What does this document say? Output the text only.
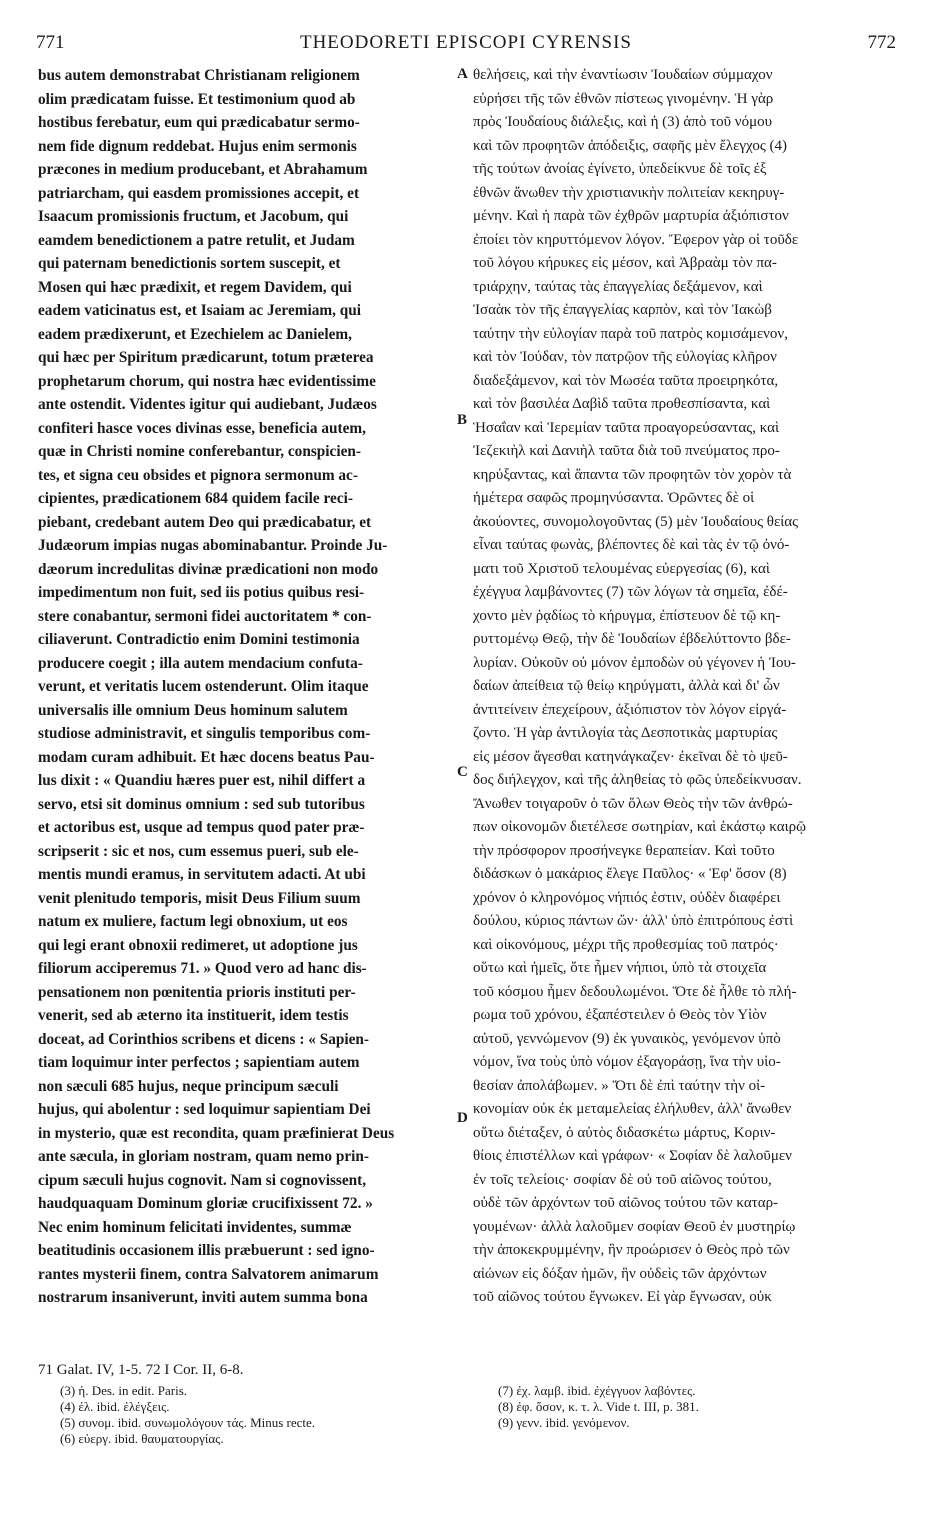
771	THEODORETI EPISCOPI CYRENSIS	772
bus autem demonstrabat Christianam religionem
olim prædicatam fuisse. Et testimonium quod ab
hostibus ferebatur, eum qui prædicabatur sermo-
nem fide dignum reddebat. Hujus enim sermonis
præcones in medium producebant, et Abrahamum
patriarcham, qui easdem promissiones accepit, et
Isaacum promissionis fructum, et Jacobum, qui
eamdem benedictionem a patre retulit, et Judam
qui paternam benedictionis sortem suscepit, et
Mosen qui hæc prædixit, et regem Davidem, qui
eadem vaticinatus est, et Isaiam ac Jeremiam, qui
eadem prædixerunt, et Ezechielem ac Danielem,
qui hæc per Spiritum prædicarunt, totum præterea
prophetarum chorum, qui nostra hæc evidentissime
ante ostendit. Videntes igitur qui audiebant, Judæos
confiteri hasce voces divinas esse, beneficia autem,
quæ in Christi nomine conferebantur, conspicien-
tes, et signa ceu obsides et pignora sermonum ac-
cipientes, prædicationem 684 quidem facile reci-
piebant, credebant autem Deo qui prædicabatur, et
Judæorum impias nugas abominabantur. Proinde Ju-
dæorum incredulitas divinæ prædicationi non modo
impedimentum non fuit, sed iis potius quibus resi-
stere conabantur, sermoni fidei auctoritatem * con-
ciliaverunt. Contradictio enim Domini testimonia
producere coegit ; illa autem mendacium confuta-
verunt, et veritatis lucem ostenderunt. Olim itaque
universalis ille omnium Deus hominum salutem
studiose administravit, et singulis temporibus com-
modam curam adhibuit. Et hæc docens beatus Pau-
lus dixit : « Quandiu hæres puer est, nihil differt a
servo, etsi sit dominus omnium : sed sub tutoribus
et actoribus est, usque ad tempus quod pater præ-
scripserit : sic et nos, cum essemus pueri, sub ele-
mentis mundi eramus, in servitutem adacti. At ubi
venit plenitudo temporis, misit Deus Filium suum
natum ex muliere, factum legi obnoxium, ut eos
qui legi erant obnoxii redimeret, ut adoptione jus
filiorum acciperemus 71. » Quod vero ad hanc dis-
pensationem non pœnitentia prioris instituti per-
venerit, sed ab æterno ita instituerit, idem testis
doceat, ad Corinthios scribens et dicens : « Sapien-
tiam loquimur inter perfectos ; sapientiam autem
non sæculi 685 hujus, neque principum sæculi
hujus, qui abolentur : sed loquimur sapientiam Dei
in mysterio, quæ est recondita, quam præfinierat Deus
ante sæcula, in gloriam nostram, quam nemo prin-
cipum sæculi hujus cognovit. Nam si cognovissent,
haudquaquam Dominum gloriæ crucifixissent 72. »
Nec enim hominum felicitati invidentes, summæ
beatitudinis occasionem illis præbuerunt : sed igno-
rantes mysterii finem, contra Salvatorem animarum
nostrarum insaniverunt, inviti autem summa bona
θελήσεις, καὶ τὴν ἐναντίωσιν Ἰουδαίων σύμμαχον
εὑρήσει τῆς τῶν ἐθνῶν πίστεως γινομένην. Ἡ γὰρ
πρὸς Ἰουδαίους διάλεξις, καὶ ἡ (3) ἀπὸ τοῦ νόμου
καὶ τῶν προφητῶν ἀπόδειξις, σαφῆς μὲν ἔλεγχος (4)
τῆς τούτων ἀνοίας ἐγίνετο, ὑπεδείκνυε δὲ τοῖς ἐξ
ἐθνῶν ἄνωθεν τὴν χριστιανικὴν πολιτείαν κεκηρυγ-
μένην. Καὶ ἡ παρὰ τῶν ἐχθρῶν μαρτυρία ἀξιόπιστον
ἐποίει τὸν κηρυττόμενον λόγον. Ἔφερον γὰρ οἱ τοῦδε
τοῦ λόγου κήρυκες εἰς μέσον, καὶ Ἀβραὰμ τὸν πα-
τριάρχην, ταύτας τὰς ἐπαγγελίας δεξάμενον, καὶ
Ἰσαὰκ τὸν τῆς ἐπαγγελίας καρπὸν, καὶ τὸν Ἰακὼβ
ταύτην τὴν εὐλογίαν παρὰ τοῦ πατρὸς κομισάμενον,
καὶ τὸν Ἰούδαν, τὸν πατρῷον τῆς εὐλογίας κλῆρον
διαδεξάμενον, καὶ τὸν Μωσέα ταῦτα προειρηκότα,
καὶ τὸν βασιλέα Δαβὶδ ταῦτα προθεσπίσαντα, καὶ
Ἡσαΐαν καὶ Ἱερεμίαν ταῦτα προαγορεύσαντας, καὶ
Ἰεζεκιὴλ καὶ Δανιὴλ ταῦτα διὰ τοῦ πνεύματος προ-
κηρύξαντας, καὶ ἅπαντα τῶν προφητῶν τὸν χορὸν τὰ
ἡμέτερα σαφῶς προμηνύσαντα. Ὁρῶντες δὲ οἱ
ἀκούοντες, συνομολογοῦντας (5) μὲν Ἰουδαίους θείας
εἶναι ταύτας φωνὰς, βλέποντες δὲ καὶ τὰς ἐν τῷ ὀνό-
ματι τοῦ Χριστοῦ τελουμένας εὐεργεσίας (6), καὶ
ἐχέγγυα λαμβάνοντες (7) τῶν λόγων τὰ σημεῖα, ἐδέ-
χοντο μὲν ῥᾳδίως τὸ κήρυγμα, ἐπίστευον δὲ τῷ κη-
ρυττομένῳ Θεῷ, τὴν δὲ Ἰουδαίων ἐβδελύττοντο βδε-
λυρίαν. Οὐκοῦν οὐ μόνον ἐμποδὼν οὐ γέγονεν ἡ Ἰου-
δαίων ἀπείθεια τῷ θείῳ κηρύγματι, ἀλλὰ καὶ δι' ὧν
ἀντιτείνειν ἐπεχείρουν, ἀξιόπιστον τὸν λόγον εἰργά-
ζοντο. Ἡ γὰρ ἀντιλογία τὰς Δεσποτικὰς μαρτυρίας
εἰς μέσον ἄγεσθαι κατηνάγκαζεν· ἐκεῖναι δὲ τὸ ψεῦ-
δος διήλεγχον, καὶ τῆς ἀληθείας τὸ φῶς ὑπεδείκνυσαν.
Ἄνωθεν τοιγαροῦν ὁ τῶν ὅλων Θεὸς τὴν τῶν ἀνθρώ-
πων οἰκονομῶν διετέλεσε σωτηρίαν, καὶ ἑκάστῳ καιρῷ
τὴν πρόσφορον προσήνεγκε θεραπείαν. Καὶ τοῦτο
διδάσκων ὁ μακάριος ἔλεγε Παῦλος· « Ἐφ' ὅσον (8)
χρόνον ὁ κληρονόμος νήπιός ἐστιν, οὐδὲν διαφέρει
δούλου, κύριος πάντων ὤν· ἀλλ' ὑπὸ ἐπιτρόπους ἐστὶ
καὶ οἰκονόμους, μέχρι τῆς προθεσμίας τοῦ πατρός·
οὕτω καὶ ἡμεῖς, ὅτε ἦμεν νήπιοι, ὑπὸ τὰ στοιχεῖα
τοῦ κόσμου ἦμεν δεδουλωμένοι. Ὅτε δὲ ἦλθε τὸ πλή-
ρωμα τοῦ χρόνου, ἐξαπέστειλεν ὁ Θεὸς τὸν Υἱὸν
αὐτοῦ, γεννώμενον (9) ἐκ γυναικὸς, γενόμενον ὑπὸ
νόμον, ἵνα τοὺς ὑπὸ νόμον ἐξαγοράσῃ, ἵνα τὴν υἱο-
θεσίαν ἀπολάβωμεν. » Ὅτι δὲ ἐπὶ ταύτην τὴν οἰ-
κονομίαν οὐκ ἐκ μεταμελείας ἐλήλυθεν, ἀλλ' ἄνωθεν
οὕτω διέταξεν, ὁ αὐτὸς διδασκέτω μάρτυς, Κοριν-
θίοις ἐπιστέλλων καὶ γράφων· « Σοφίαν δὲ λαλοῦμεν
ἐν τοῖς τελείοις· σοφίαν δὲ οὐ τοῦ αἰῶνος τούτου,
οὐδὲ τῶν ἀρχόντων τοῦ αἰῶνος τούτου τῶν καταρ-
γουμένων· ἀλλὰ λαλοῦμεν σοφίαν Θεοῦ ἐν μυστηρίῳ
τὴν ἀποκεκρυμμένην, ἣν προώρισεν ὁ Θεὸς πρὸ τῶν
αἰώνων εἰς δόξαν ἡμῶν, ἣν οὐδεὶς τῶν ἀρχόντων
τοῦ αἰῶνος τούτου ἔγνωκεν. Εἰ γὰρ ἔγνωσαν, οὐκ
A
B
C
D
71 Galat. IV, 1-5. 72 I Cor. II, 6-8.
(3) ἡ. Des. in edit. Paris.
(4) ἐλ. ibid. ἐλέγξεις.
(5) συνομ. ibid. συνωμολόγουν τάς. Minus recte.
(6) εὐεργ. ibid. θαυματουργίας.
(7) ἐχ. λαμβ. ibid. ἐχέγγυον λαβόντες.
(8) ἐφ. ὅσον, κ. τ. λ. Vide t. III, p. 381.
(9) γενν. ibid. γενόμενον.
